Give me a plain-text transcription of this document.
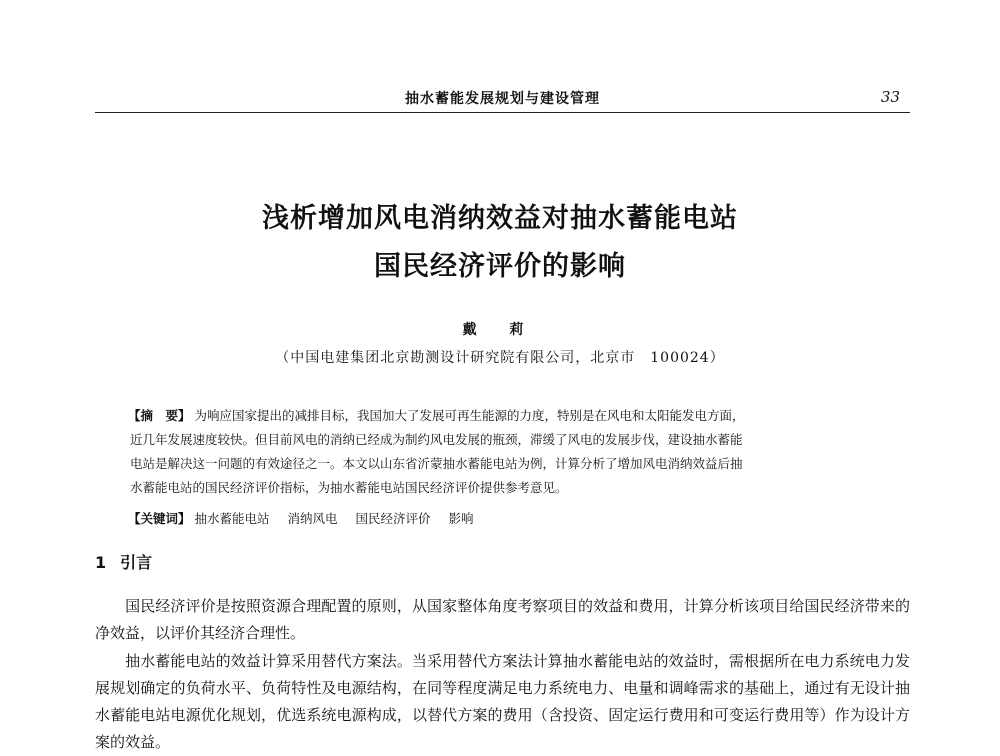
抽水蓄能发展规划与建设管理	33
浅析增加风电消纳效益对抽水蓄能电站
国民经济评价的影响
戴 莉
（中国电建集团北京勘测设计研究院有限公司，北京市　100024）
【摘　要】 为响应国家提出的减排目标，我国加大了发展可再生能源的力度，特别是在风电和太阳能发电方面，
近几年发展速度较快。但目前风电的消纳已经成为制约风电发展的瓶颈，滞缓了风电的发展步伐，建设抽水蓄能
电站是解决这一问题的有效途径之一。本文以山东省沂蒙抽水蓄能电站为例，计算分析了增加风电消纳效益后抽
水蓄能电站的国民经济评价指标，为抽水蓄能电站国民经济评价提供参考意见。
【关键词】 抽水蓄能电站 消纳风电 国民经济评价 影响
1 引言
国民经济评价是按照资源合理配置的原则，从国家整体角度考察项目的效益和费用，计算分析该项目给国民经济带来的净效益，以评价其经济合理性。
抽水蓄能电站的效益计算采用替代方案法。当采用替代方案法计算抽水蓄能电站的效益时，需根据所在电力系统电力发展规划确定的负荷水平、负荷特性及电源结构，在同等程度满足电力系统电力、电量和调峰需求的基础上，通过有无设计抽水蓄能电站电源优化规划，优选系统电源构成，以替代方案的费用（含投资、固定运行费用和可变运行费用等）作为设计方案的效益。
